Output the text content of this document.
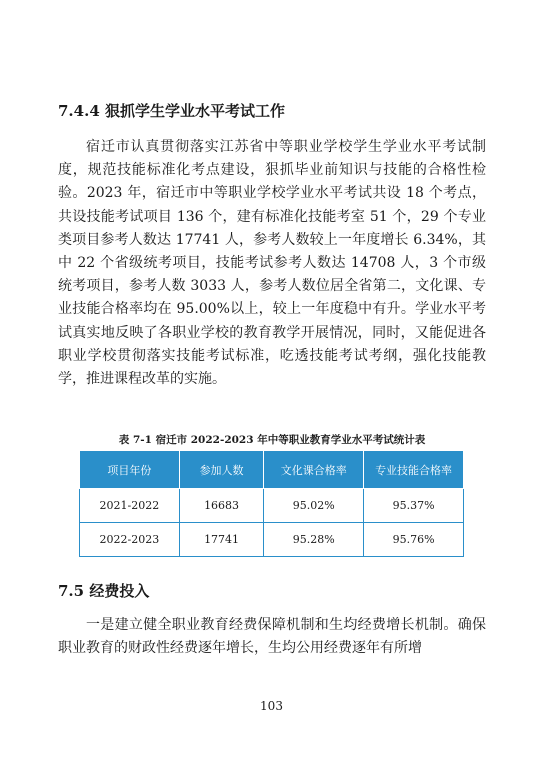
7.4.4 狠抓学生学业水平考试工作

宿迁市认真贯彻落实江苏省中等职业学校学生学业水平考试制度，规范技能标准化考点建设，狠抓毕业前知识与技能的合格性检验。2023 年，宿迁市中等职业学校学业水平考试共设 18 个考点，共设技能考试项目 136 个，建有标准化技能考室 51 个，29 个专业类项目参考人数达 17741 人，参考人数较上一年度增长 6.34%，其中 22 个省级统考项目，技能考试参考人数达 14708 人，3 个市级统考项目，参考人数 3033 人，参考人数位居全省第二，文化课、专业技能合格率均在 95.00%以上，较上一年度稳中有升。学业水平考试真实地反映了各职业学校的教育教学开展情况，同时，又能促进各职业学校贯彻落实技能考试标准，吃透技能考试考纲，强化技能教学，推进课程改革的实施。

表 7-1 宿迁市 2022-2023 年中等职业教育学业水平考试统计表
项目年份	参加人数	文化课合格率	专业技能合格率
2021-2022	16683	95.02%	95.37%
2022-2023	17741	95.28%	95.76%
7.5 经费投入

一是建立健全职业教育经费保障机制和生均经费增长机制。确保职业教育的财政性经费逐年增长，生均公用经费逐年有所增

103
